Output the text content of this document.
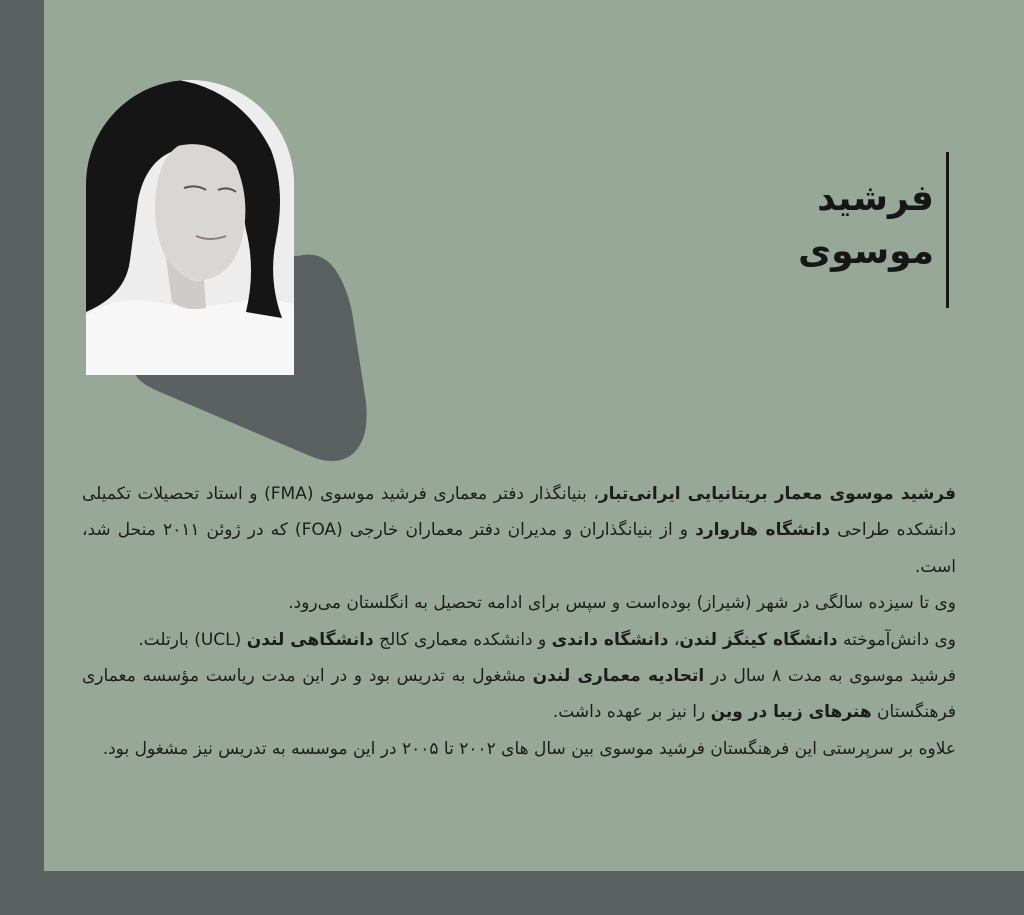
فرشید
موسوی

فرشید موسوی معمار بریتانیایی ایرانی‌تبار، بنیانگذار دفتر معماری فرشید موسوی (FMA) و استاد تحصیلات تکمیلی دانشکده طراحی دانشگاه هاروارد و از بنیانگذاران و مدیران دفتر معماران خارجی (FOA) که در ژوئن ۲۰۱۱ منحل شد، است.

وی تا سیزده سالگی در شهر (شیراز) بوده‌است و سپس برای ادامه تحصیل به انگلستان می‌رود.

وی دانش‌آموخته دانشگاه کینگز لندن، دانشگاه داندی و دانشکده معماری کالج دانشگاهی لندن (UCL) بارتلت.

فرشید موسوی به مدت ۸ سال در اتحادیه معماری لندن مشغول به تدریس بود و در این مدت ریاست مؤسسه معماری فرهنگستان هنرهای زیبا در وین را نیز بر عهده داشت.

علاوه بر سرپرستی این فرهنگستان فرشید موسوی بین سال های ۲۰۰۲ تا ۲۰۰۵ در این موسسه به تدریس نیز مشغول بود.
